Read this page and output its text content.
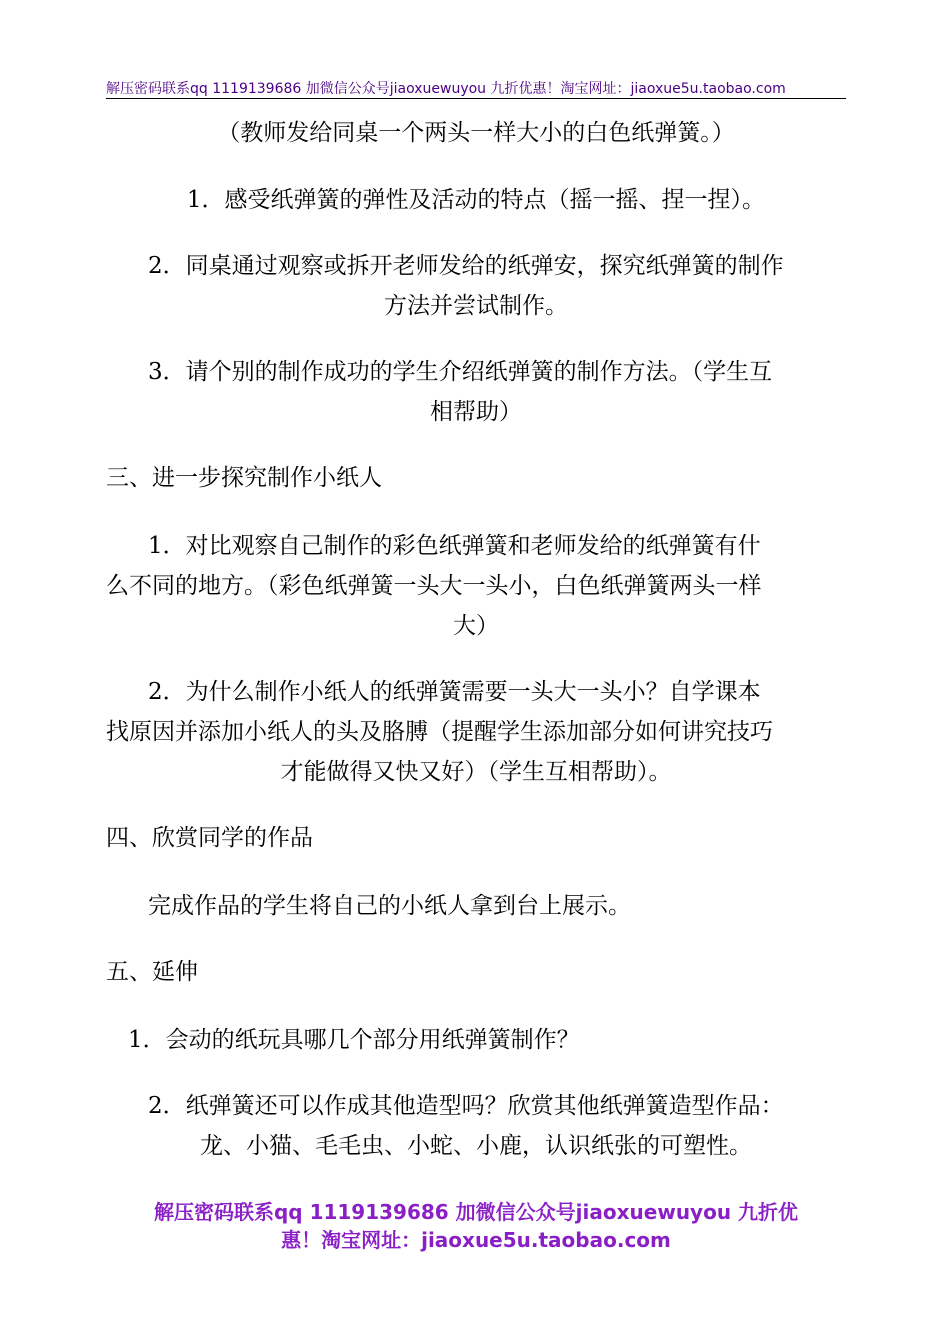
解压密码联系qq 1119139686 加微信公众号jiaoxuewuyou 九折优惠！淘宝网址：jiaoxue5u.taobao.com
（教师发给同桌一个两头一样大小的白色纸弹簧。）
1．感受纸弹簧的弹性及活动的特点（摇一摇、捏一捏）。
2．同桌通过观察或拆开老师发给的纸弹安，探究纸弹簧的制作
方法并尝试制作。
3．请个别的制作成功的学生介绍纸弹簧的制作方法。（学生互
相帮助）
三、进一步探究制作小纸人
1．对比观察自己制作的彩色纸弹簧和老师发给的纸弹簧有什
么不同的地方。（彩色纸弹簧一头大一头小，白色纸弹簧两头一样
大）
2．为什么制作小纸人的纸弹簧需要一头大一头小？自学课本
找原因并添加小纸人的头及胳膊（提醒学生添加部分如何讲究技巧
才能做得又快又好）（学生互相帮助）。
四、欣赏同学的作品
完成作品的学生将自己的小纸人拿到台上展示。
五、延伸
1．会动的纸玩具哪几个部分用纸弹簧制作？
2．纸弹簧还可以作成其他造型吗？欣赏其他纸弹簧造型作品：
龙、小猫、毛毛虫、小蛇、小鹿，认识纸张的可塑性。
解压密码联系qq 1119139686 加微信公众号jiaoxuewuyou 九折优
惠！淘宝网址：jiaoxue5u.taobao.com
